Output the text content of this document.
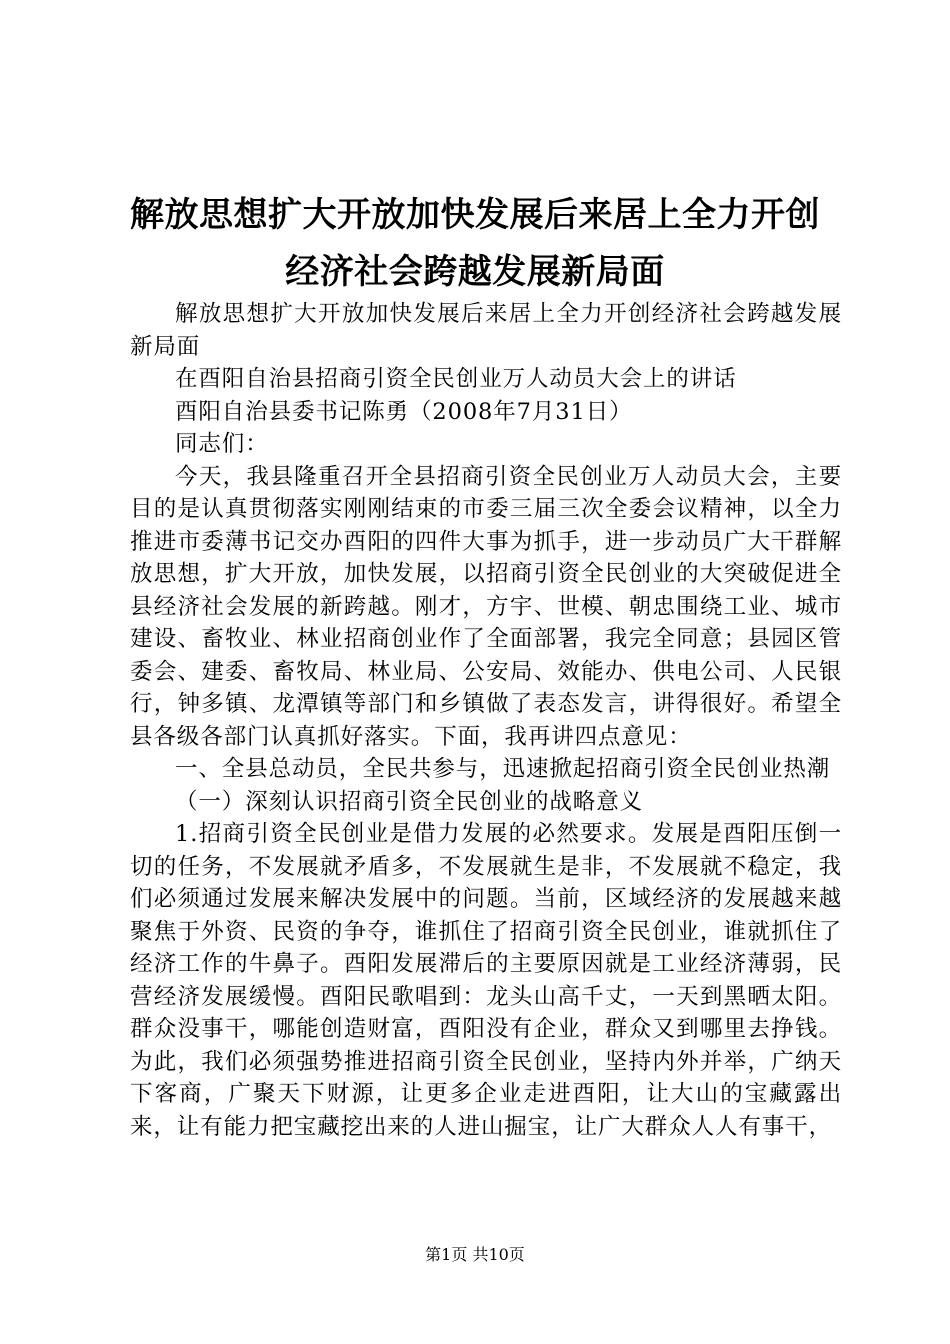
解放思想扩大开放加快发展后来居上全力开创
经济社会跨越发展新局面

解放思想扩大开放加快发展后来居上全力开创经济社会跨越发展新局面

在酉阳自治县招商引资全民创业万人动员大会上的讲话

酉阳自治县委书记陈勇（2008年7月31日）

同志们：

今天，我县隆重召开全县招商引资全民创业万人动员大会，主要目的是认真贯彻落实刚刚结束的市委三届三次全委会议精神，以全力推进市委薄书记交办酉阳的四件大事为抓手，进一步动员广大干群解放思想，扩大开放，加快发展，以招商引资全民创业的大突破促进全县经济社会发展的新跨越。刚才，方宇、世模、朝忠围绕工业、城市建设、畜牧业、林业招商创业作了全面部署，我完全同意；县园区管委会、建委、畜牧局、林业局、公安局、效能办、供电公司、人民银行，钟多镇、龙潭镇等部门和乡镇做了表态发言，讲得很好。希望全县各级各部门认真抓好落实。下面，我再讲四点意见：

一、全县总动员，全民共参与，迅速掀起招商引资全民创业热潮

（一）深刻认识招商引资全民创业的战略意义

1.招商引资全民创业是借力发展的必然要求。发展是酉阳压倒一切的任务，不发展就矛盾多，不发展就生是非，不发展就不稳定，我们必须通过发展来解决发展中的问题。当前，区域经济的发展越来越聚焦于外资、民资的争夺，谁抓住了招商引资全民创业，谁就抓住了经济工作的牛鼻子。酉阳发展滞后的主要原因就是工业经济薄弱，民营经济发展缓慢。酉阳民歌唱到：龙头山高千丈，一天到黑晒太阳。群众没事干，哪能创造财富，酉阳没有企业，群众又到哪里去挣钱。为此，我们必须强势推进招商引资全民创业，坚持内外并举，广纳天下客商，广聚天下财源，让更多企业走进酉阳，让大山的宝藏露出来，让有能力把宝藏挖出来的人进山掘宝，让广大群众人人有事干，

第1页 共10页
